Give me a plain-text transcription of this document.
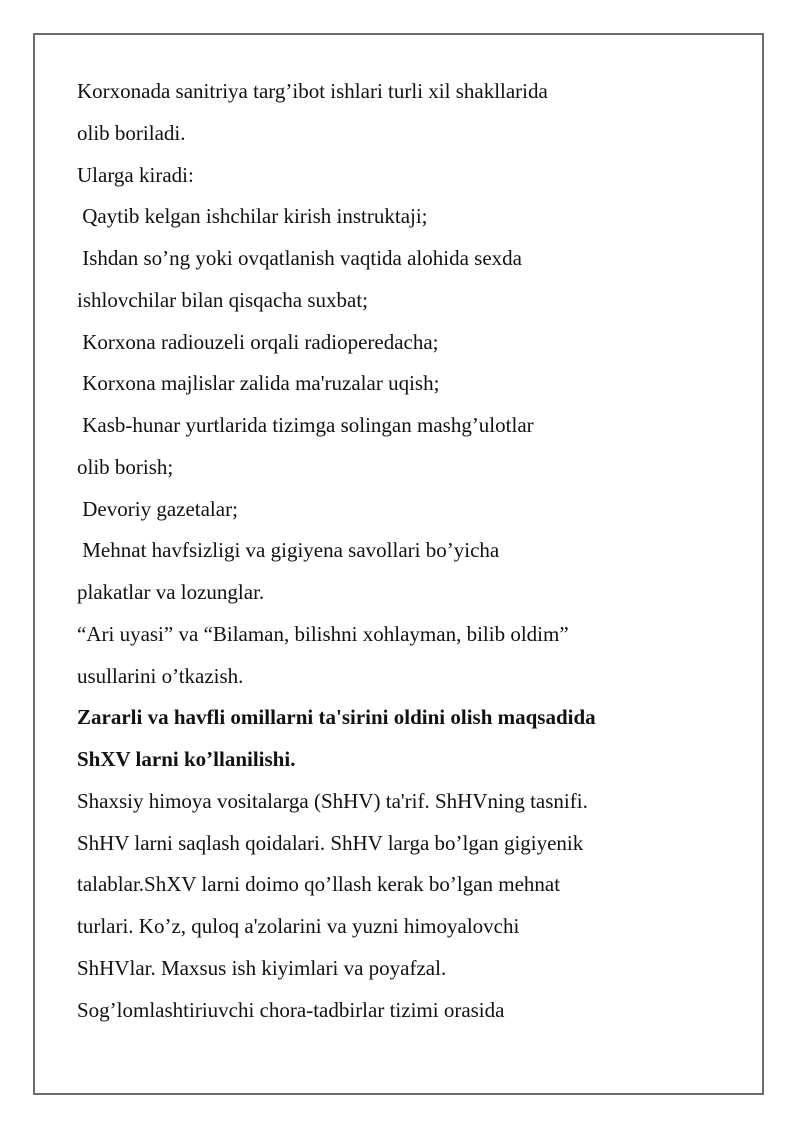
Korxonada sanitriya targ’ibot ishlari turli xil shakllarida
olib boriladi.
Ularga kiradi:
Qaytib kelgan ishchilar kirish instruktaji;
Ishdan so’ng yoki ovqatlanish vaqtida alohida sexda
ishlovchilar bilan qisqacha suxbat;
Korxona radiouzeli orqali radioperedacha;
Korxona majlislar zalida ma'ruzalar uqish;
Kasb-hunar yurtlarida tizimga solingan mashg’ulotlar
olib borish;
Devoriy gazetalar;
Mehnat havfsizligi va gigiyena savollari bo’yicha
plakatlar va lozunglar.
“Ari uyasi” va “Bilaman, bilishni xohlayman, bilib oldim”
usullarini o’tkazish.
Zararli va havfli omillarni ta'sirini oldini olish maqsadida
ShXV larni ko’llanilishi.
Shaxsiy himoya vositalarga (ShHV) ta'rif. ShHVning tasnifi.
ShHV larni saqlash qoidalari. ShHV larga bo’lgan gigiyenik
talablar.ShXV larni doimo qo’llash kerak bo’lgan mehnat
turlari. Ko’z, quloq a'zolarini va yuzni himoyalovchi
ShHVlar. Maxsus ish kiyimlari va poyafzal.
Sog’lomlashtiriuvchi chora-tadbirlar tizimi orasida
